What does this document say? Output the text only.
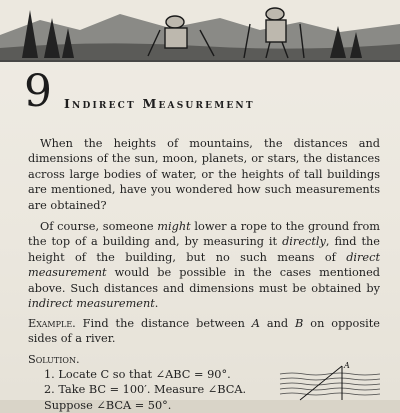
9 Indirect Measurement

When the heights of mountains, the distances and dimensions of the sun, moon, planets, or stars, the distances across large bodies of water, or the heights of tall buildings are mentioned, have you wondered how such measurements are obtained?

Of course, someone might lower a rope to the ground from the top of a building and, by measuring it directly, find the height of the building, but no such means of direct measurement would be possible in the cases mentioned above. Such distances and dimensions must be obtained by indirect measurement.

Example. Find the distance between A and B on opposite sides of a river.

Solution.
1. Locate C so that ∠ABC = 90°.
2. Take BC = 100′. Measure ∠BCA. Suppose ∠BCA = 50°.
A
